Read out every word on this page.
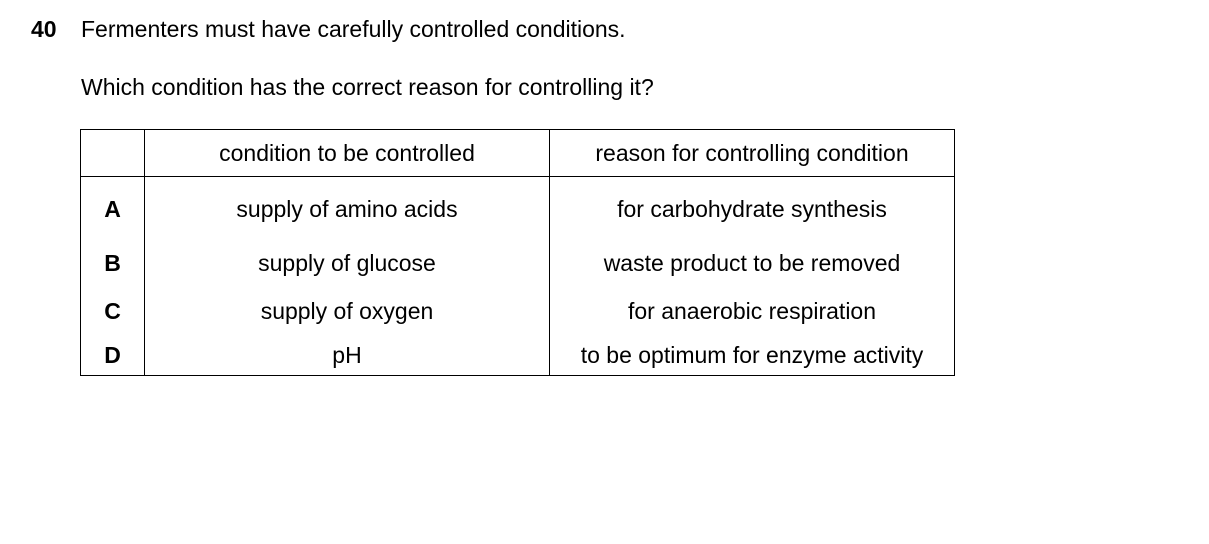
40 Fermenters must have carefully controlled conditions.
Which condition has the correct reason for controlling it?
	condition to be controlled	reason for controlling condition
A	supply of amino acids	for carbohydrate synthesis
B	supply of glucose	waste product to be removed
C	supply of oxygen	for anaerobic respiration
D	pH	to be optimum for enzyme activity
